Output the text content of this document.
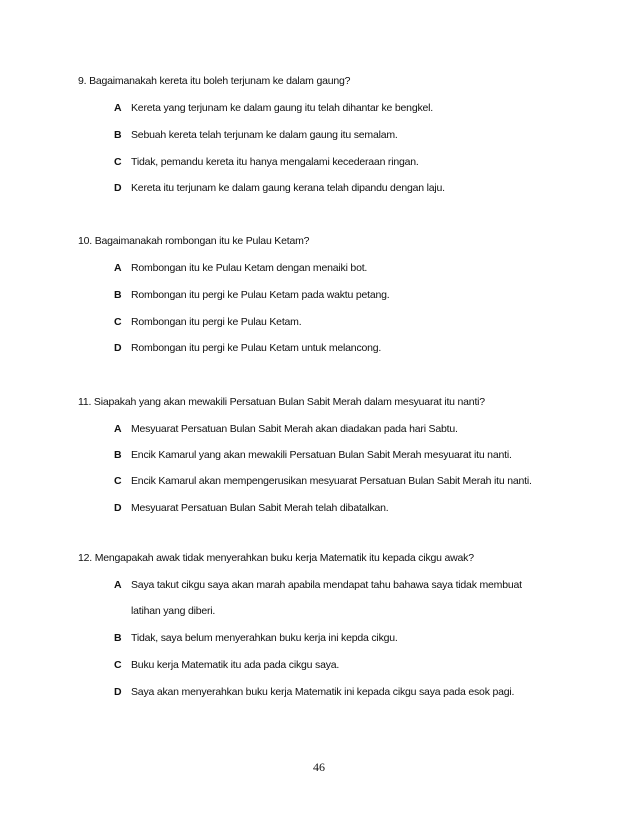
9. Bagaimanakah kereta itu boleh terjunam ke dalam gaung?
A Kereta yang terjunam ke dalam gaung itu telah dihantar ke bengkel.
B Sebuah kereta telah terjunam ke dalam gaung itu semalam.
C Tidak, pemandu kereta itu hanya mengalami kecederaan ringan.
D Kereta itu terjunam ke dalam gaung kerana telah dipandu dengan laju.
10. Bagaimanakah rombongan itu ke Pulau Ketam?
A Rombongan itu ke Pulau Ketam dengan menaiki bot.
B Rombongan itu pergi ke Pulau Ketam pada waktu petang.
C Rombongan itu pergi ke Pulau Ketam.
D Rombongan itu pergi ke Pulau Ketam untuk melancong.
11. Siapakah yang akan mewakili Persatuan Bulan Sabit Merah dalam mesyuarat itu nanti?
A Mesyuarat Persatuan Bulan Sabit Merah akan diadakan pada hari Sabtu.
B Encik Kamarul yang akan mewakili Persatuan Bulan Sabit Merah mesyuarat itu nanti.
C Encik Kamarul akan mempengerusikan mesyuarat Persatuan Bulan Sabit Merah itu nanti.
D Mesyuarat Persatuan Bulan Sabit Merah telah dibatalkan.
12. Mengapakah awak tidak menyerahkan buku kerja Matematik itu kepada cikgu awak?
A Saya takut cikgu saya akan marah apabila mendapat tahu bahawa saya tidak membuat
latihan yang diberi.
B Tidak, saya belum menyerahkan buku kerja ini kepda cikgu.
C Buku kerja Matematik itu ada pada cikgu saya.
D Saya akan menyerahkan buku kerja Matematik ini kepada cikgu saya pada esok pagi.
46
